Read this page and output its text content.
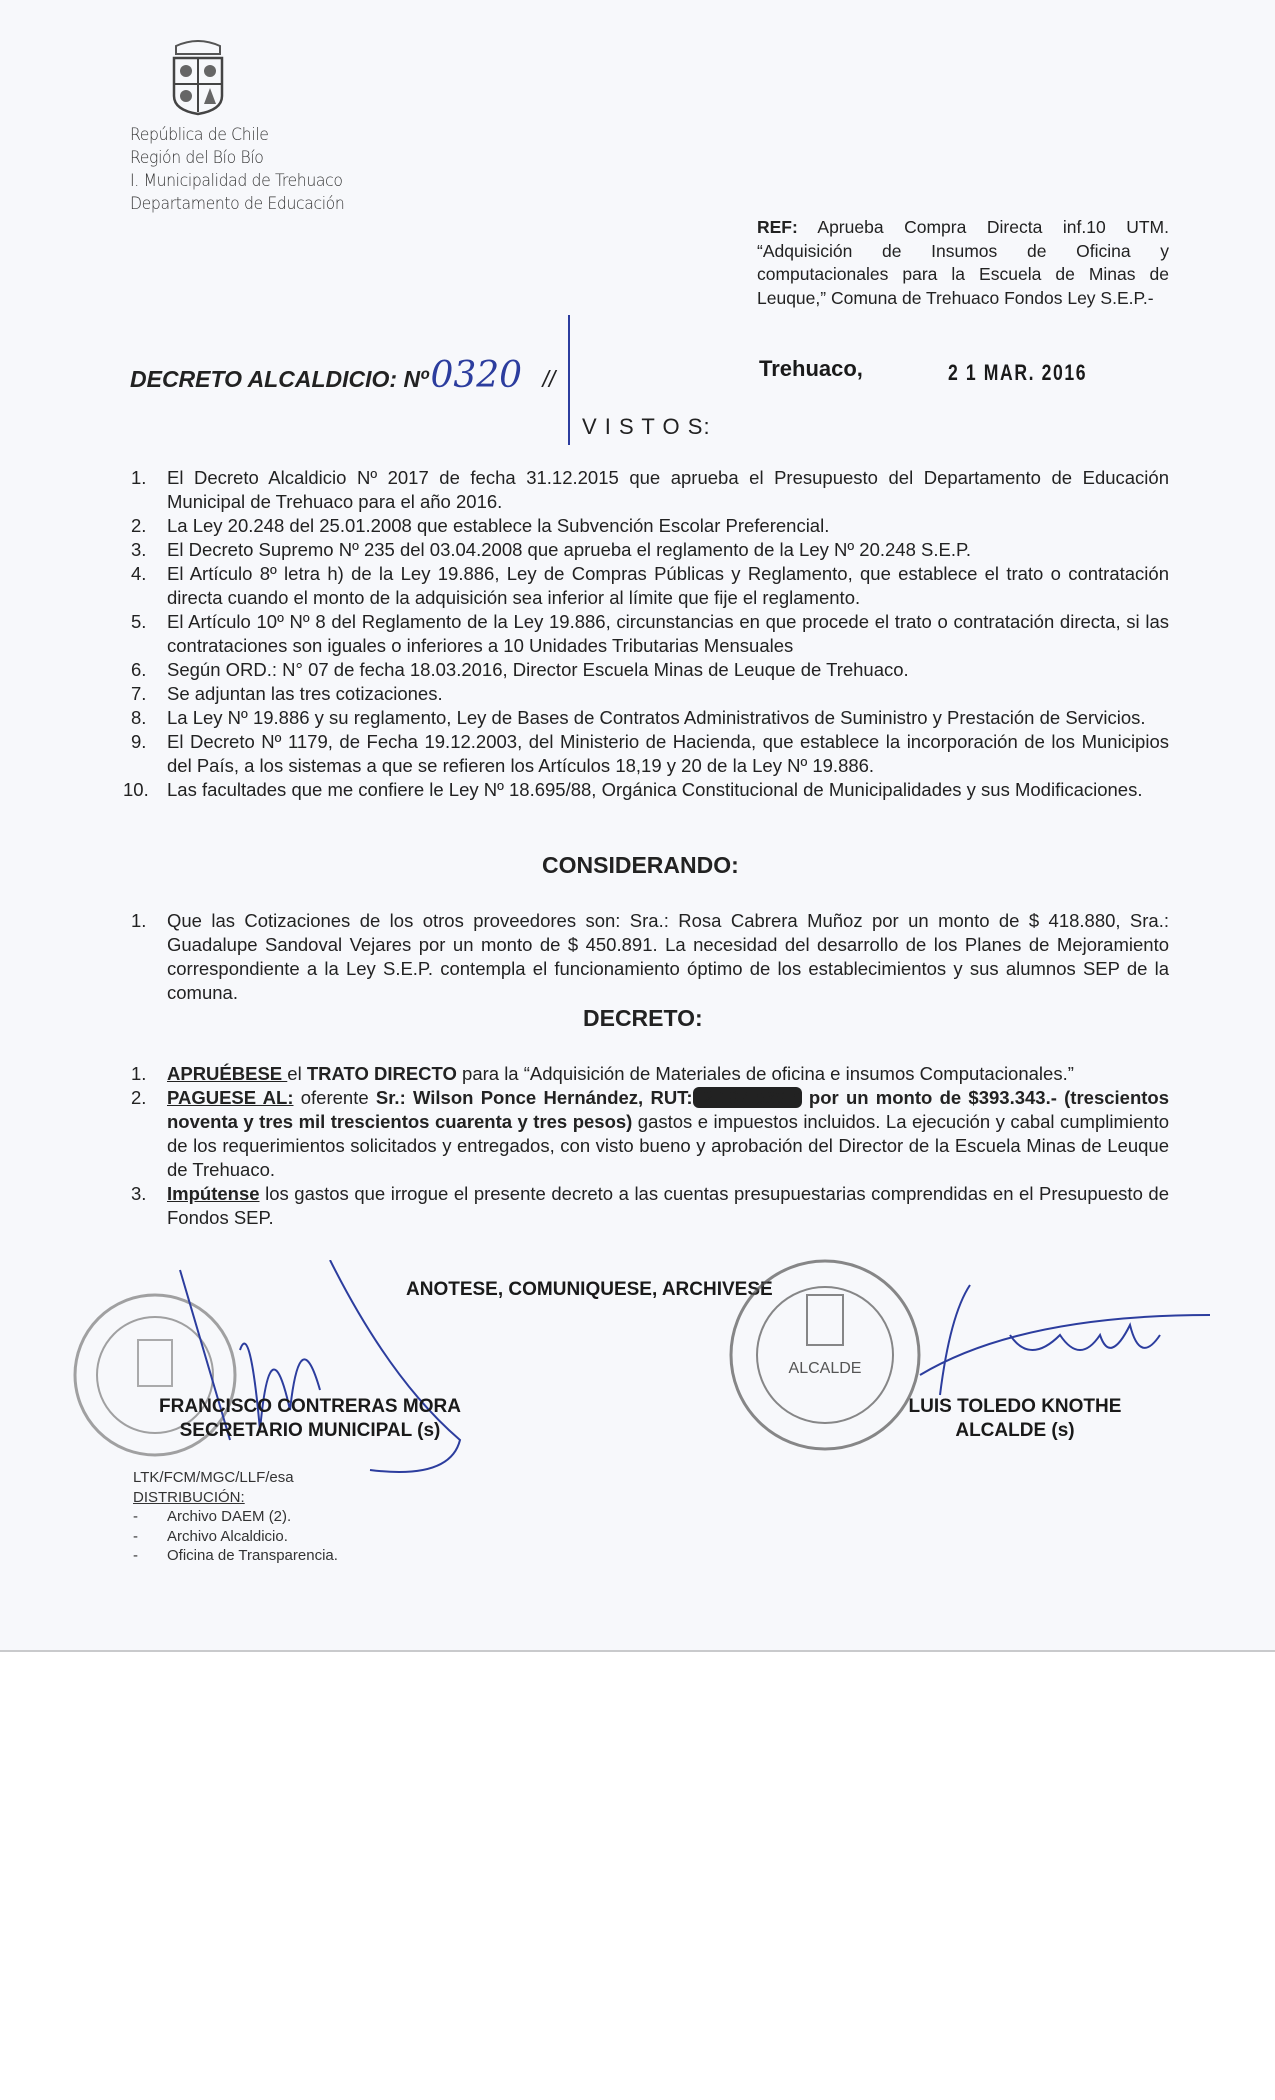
República de Chile
Región del Bío Bío
I. Municipalidad de Trehuaco
Departamento de Educación
REF: Aprueba Compra Directa inf.10 UTM. “Adquisición de Insumos de Oficina y computacionales para la Escuela de Minas de Leuque,” Comuna de Trehuaco Fondos Ley S.E.P.-
DECRETO ALCALDICIO: Nº0320 //	Trehuaco,	2 1 MAR. 2016
V I S T O S:
1.	El Decreto Alcaldicio Nº 2017 de fecha 31.12.2015 que aprueba el Presupuesto del Departamento de Educación Municipal de Trehuaco para el año 2016.
2.	La Ley 20.248 del 25.01.2008 que establece la Subvención Escolar Preferencial.
3.	El Decreto Supremo Nº 235 del 03.04.2008 que aprueba el reglamento de la Ley Nº 20.248 S.E.P.
4.	El Artículo 8º letra h) de la Ley 19.886, Ley de Compras Públicas y Reglamento, que establece el trato o contratación directa cuando el monto de la adquisición sea inferior al límite que fije el reglamento.
5.	El Artículo 10º Nº 8 del Reglamento de la Ley 19.886, circunstancias en que procede el trato o contratación directa, si las contrataciones son iguales o inferiores a 10 Unidades Tributarias Mensuales
6.	Según ORD.: N° 07 de fecha 18.03.2016, Director Escuela Minas de Leuque de Trehuaco.
7.	Se adjuntan las tres cotizaciones.
8.	La Ley Nº 19.886 y su reglamento, Ley de Bases de Contratos Administrativos de Suministro y Prestación de Servicios.
9.	El Decreto Nº 1179, de Fecha 19.12.2003, del Ministerio de Hacienda, que establece la incorporación de los Municipios del País, a los sistemas a que se refieren los Artículos 18,19 y 20 de la Ley Nº 19.886.
10. Las facultades que me confiere le Ley Nº 18.695/88, Orgánica Constitucional de Municipalidades y sus Modificaciones.
CONSIDERANDO:
1.	Que las Cotizaciones de los otros proveedores son: Sra.: Rosa Cabrera Muñoz por un monto de $ 418.880, Sra.: Guadalupe Sandoval Vejares por un monto de $ 450.891. La necesidad del desarrollo de los Planes de Mejoramiento correspondiente a la Ley S.E.P. contempla el funcionamiento óptimo de los establecimientos y sus alumnos SEP de la comuna.
DECRETO:
1.	APRUÉBESE el TRATO DIRECTO para la “Adquisición de Materiales de oficina e insumos Computacionales.”
2.	PAGUESE AL: oferente Sr.: Wilson Ponce Hernández, RUT:12.197.636-6 por un monto de $393.343.- (trescientos noventa y tres mil trescientos cuarenta y tres pesos) gastos e impuestos incluidos. La ejecución y cabal cumplimiento de los requerimientos solicitados y entregados, con visto bueno y aprobación del Director de la Escuela Minas de Leuque de Trehuaco.
3.	Impútense los gastos que irrogue el presente decreto a las cuentas presupuestarias comprendidas en el Presupuesto de Fondos SEP.
ANOTESE, COMUNIQUESE, ARCHIVESE
ALCALDE
FRANCISCO CONTRERAS MORA
SECRETARIO MUNICIPAL (s)
LUIS TOLEDO KNOTHE
ALCALDE (s)
LTK/FCM/MGC/LLF/esa
DISTRIBUCIÓN:
- Archivo DAEM (2).
- Archivo Alcaldicio.
- Oficina de Transparencia.
